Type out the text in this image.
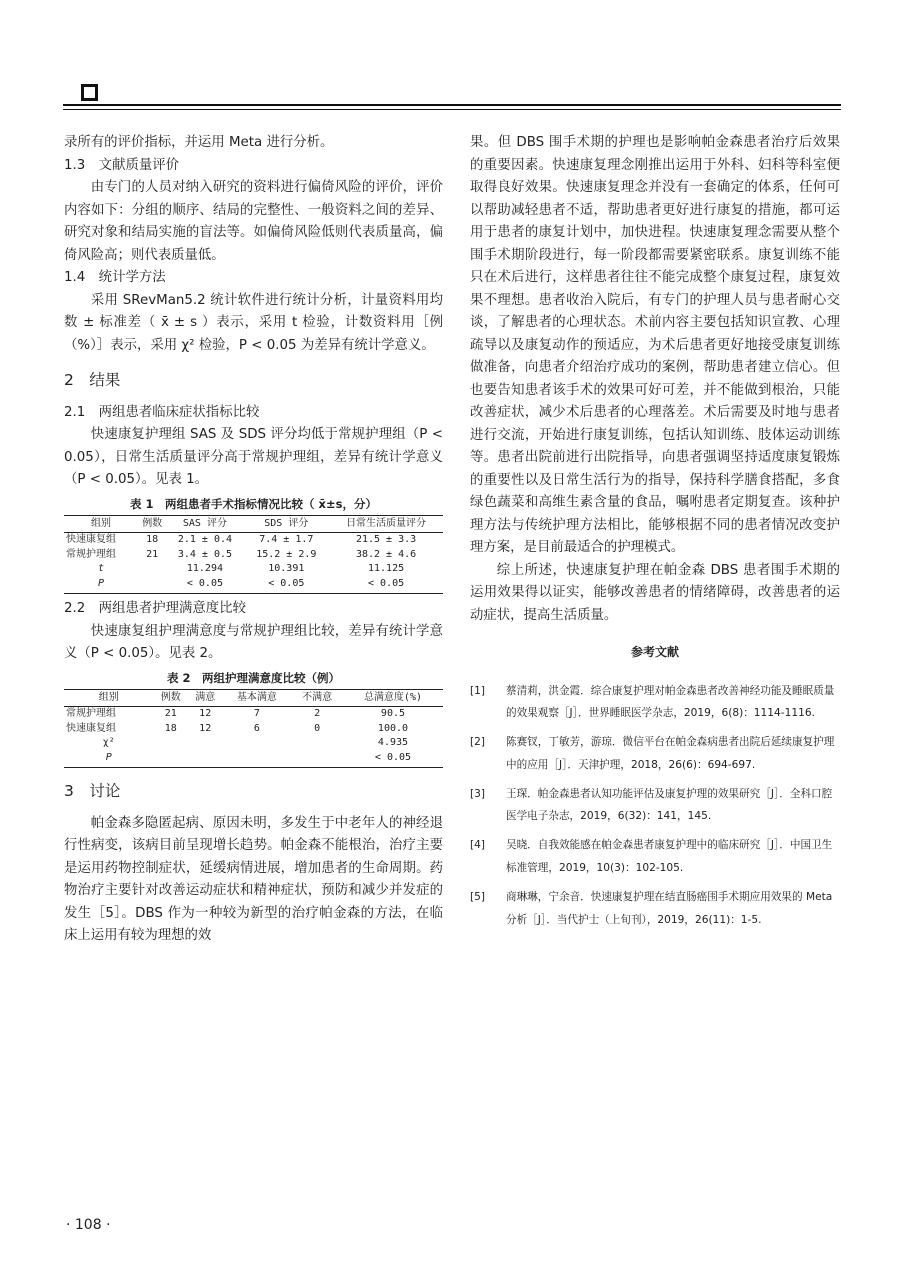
录所有的评价指标，并运用 Meta 进行分析。

1.3　文献质量评价

由专门的人员对纳入研究的资料进行偏倚风险的评价，评价内容如下：分组的顺序、结局的完整性、一般资料之间的差异、研究对象和结局实施的盲法等。如偏倚风险低则代表质量高，偏倚风险高；则代表质量低。

1.4　统计学方法

采用 SRevMan5.2 统计软件进行统计分析，计量资料用均数 ± 标准差（ x̄ ± s ）表示，采用 t 检验，计数资料用［例（%）］表示，采用 χ² 检验，P < 0.05 为差异有统计学意义。

2　结果

2.1　两组患者临床症状指标比较

快速康复护理组 SAS 及 SDS 评分均低于常规护理组（P < 0.05），日常生活质量评分高于常规护理组，差异有统计学意义（P < 0.05）。见表 1。

表 1　两组患者手术指标情况比较（ x̄±s，分）
组别	例数	SAS 评分	SDS 评分	日常生活质量评分
快速康复组	18	2.1 ± 0.4	7.4 ± 1.7	21.5 ± 3.3
常规护理组	21	3.4 ± 0.5	15.2 ± 2.9	38.2 ± 4.6
t		11.294	10.391	11.125
P		< 0.05	< 0.05	< 0.05

2.2　两组患者护理满意度比较

快速康复组护理满意度与常规护理组比较，差异有统计学意义（P < 0.05）。见表 2。

表 2　两组护理满意度比较（例）
组别	例数	满意	基本满意	不满意	总满意度(%)
常规护理组	21	12	7	2	90.5
快速康复组	18	12	6	0	100.0
χ²					4.935
P					< 0.05

3　讨论

帕金森多隐匿起病、原因未明，多发生于中老年人的神经退行性病变，该病目前呈现增长趋势。帕金森不能根治，治疗主要是运用药物控制症状，延缓病情进展，增加患者的生命周期。药物治疗主要针对改善运动症状和精神症状，预防和减少并发症的发生［5］。DBS 作为一种较为新型的治疗帕金森的方法，在临床上运用有较为理想的效

果。但 DBS 围手术期的护理也是影响帕金森患者治疗后效果的重要因素。快速康复理念刚推出运用于外科、妇科等科室便取得良好效果。快速康复理念并没有一套确定的体系，任何可以帮助减轻患者不适，帮助患者更好进行康复的措施，都可运用于患者的康复计划中，加快进程。快速康复理念需要从整个围手术期阶段进行，每一阶段都需要紧密联系。康复训练不能只在术后进行，这样患者往往不能完成整个康复过程，康复效果不理想。患者收治入院后，有专门的护理人员与患者耐心交谈，了解患者的心理状态。术前内容主要包括知识宣教、心理疏导以及康复动作的预适应，为术后患者更好地接受康复训练做准备，向患者介绍治疗成功的案例，帮助患者建立信心。但也要告知患者该手术的效果可好可差，并不能做到根治，只能改善症状，减少术后患者的心理落差。术后需要及时地与患者进行交流，开始进行康复训练，包括认知训练、肢体运动训练等。患者出院前进行出院指导，向患者强调坚持适度康复锻炼的重要性以及日常生活行为的指导，保持科学膳食搭配，多食绿色蔬菜和高维生素含量的食品，嘱咐患者定期复查。该种护理方法与传统护理方法相比，能够根据不同的患者情况改变护理方案，是目前最适合的护理模式。

综上所述，快速康复护理在帕金森 DBS 患者围手术期的运用效果得以证实，能够改善患者的情绪障碍，改善患者的运动症状，提高生活质量。

参考文献
[1]	蔡清莉，洪金霞．综合康复护理对帕金森患者改善神经功能及睡眠质量的效果观察［J］．世界睡眠医学杂志，2019，6(8)：1114-1116.
[2]	陈赛钗，丁敏芳，游琼．微信平台在帕金森病患者出院后延续康复护理中的应用［J］．天津护理，2018，26(6)：694-697.
[3]	王琛．帕金森患者认知功能评估及康复护理的效果研究［J］．全科口腔医学电子杂志，2019，6(32)：141，145.
[4]	吴晓．自我效能感在帕金森患者康复护理中的临床研究［J］．中国卫生标准管理，2019，10(3)：102-105.
[5]	商琳琳，宁余音．快速康复护理在结直肠癌围手术期应用效果的 Meta 分析［J］．当代护士（上旬刊），2019，26(11)：1-5.
· 108 ·
